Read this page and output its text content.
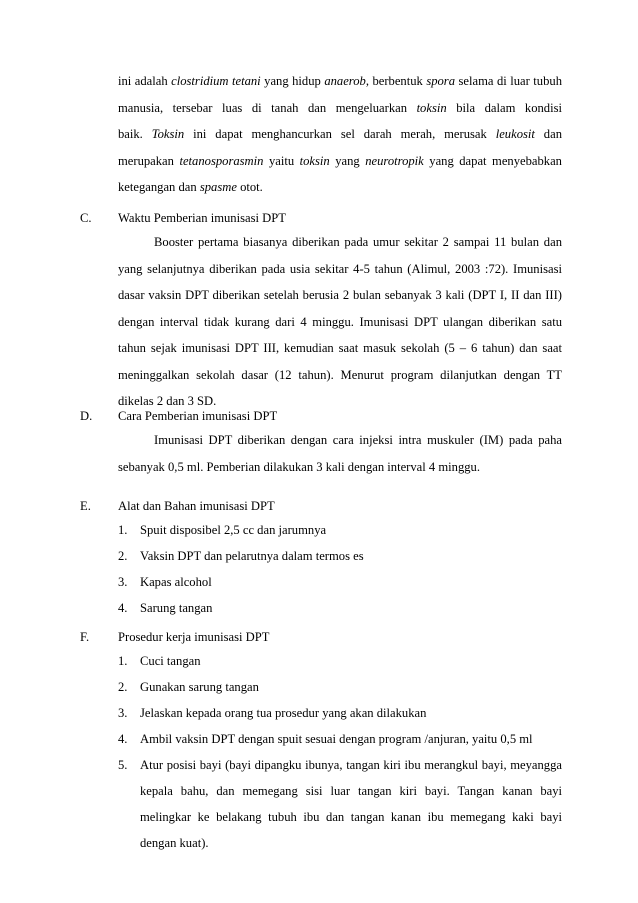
ini adalah clostridium tetani yang hidup anaerob, berbentuk spora selama di luar tubuh
manusia, tersebar luas di tanah dan mengeluarkan toksin bila dalam kondisi
baik. Toksin ini dapat menghancurkan sel darah merah, merusak leukosit dan
merupakan tetanosporasmin yaitu toksin yang neurotropik yang dapat menyebabkan
ketegangan dan spasme otot.
C.	Waktu Pemberian imunisasi DPT
Booster pertama biasanya diberikan pada umur sekitar 2 sampai 11 bulan dan yang selanjutnya diberikan pada usia sekitar 4-5 tahun (Alimul, 2003 :72). Imunisasi dasar vaksin DPT diberikan setelah berusia 2 bulan sebanyak 3 kali (DPT I, II dan III) dengan interval tidak kurang dari 4 minggu. Imunisasi DPT ulangan diberikan satu tahun sejak imunisasi DPT III, kemudian saat masuk sekolah (5 – 6 tahun) dan saat meninggalkan sekolah dasar (12 tahun). Menurut program dilanjutkan dengan TT dikelas 2 dan 3 SD.
D.	Cara Pemberian imunisasi DPT
Imunisasi DPT diberikan dengan cara injeksi intra muskuler (IM) pada paha sebanyak 0,5 ml. Pemberian dilakukan 3 kali dengan interval 4 minggu.
E.	Alat dan Bahan imunisasi DPT
1. Spuit disposibel 2,5 cc dan jarumnya
2. Vaksin DPT dan pelarutnya dalam termos es
3. Kapas alcohol
4. Sarung tangan
F.	Prosedur kerja imunisasi DPT
1. Cuci tangan
2. Gunakan sarung tangan
3. Jelaskan kepada orang tua prosedur yang akan dilakukan
4. Ambil vaksin DPT dengan spuit sesuai dengan program /anjuran, yaitu 0,5 ml
5. Atur posisi bayi (bayi dipangku ibunya, tangan kiri ibu merangkul bayi, meyangga kepala bahu, dan memegang sisi luar tangan kiri bayi. Tangan kanan bayi melingkar ke belakang tubuh ibu dan tangan kanan ibu memegang kaki bayi dengan kuat).
